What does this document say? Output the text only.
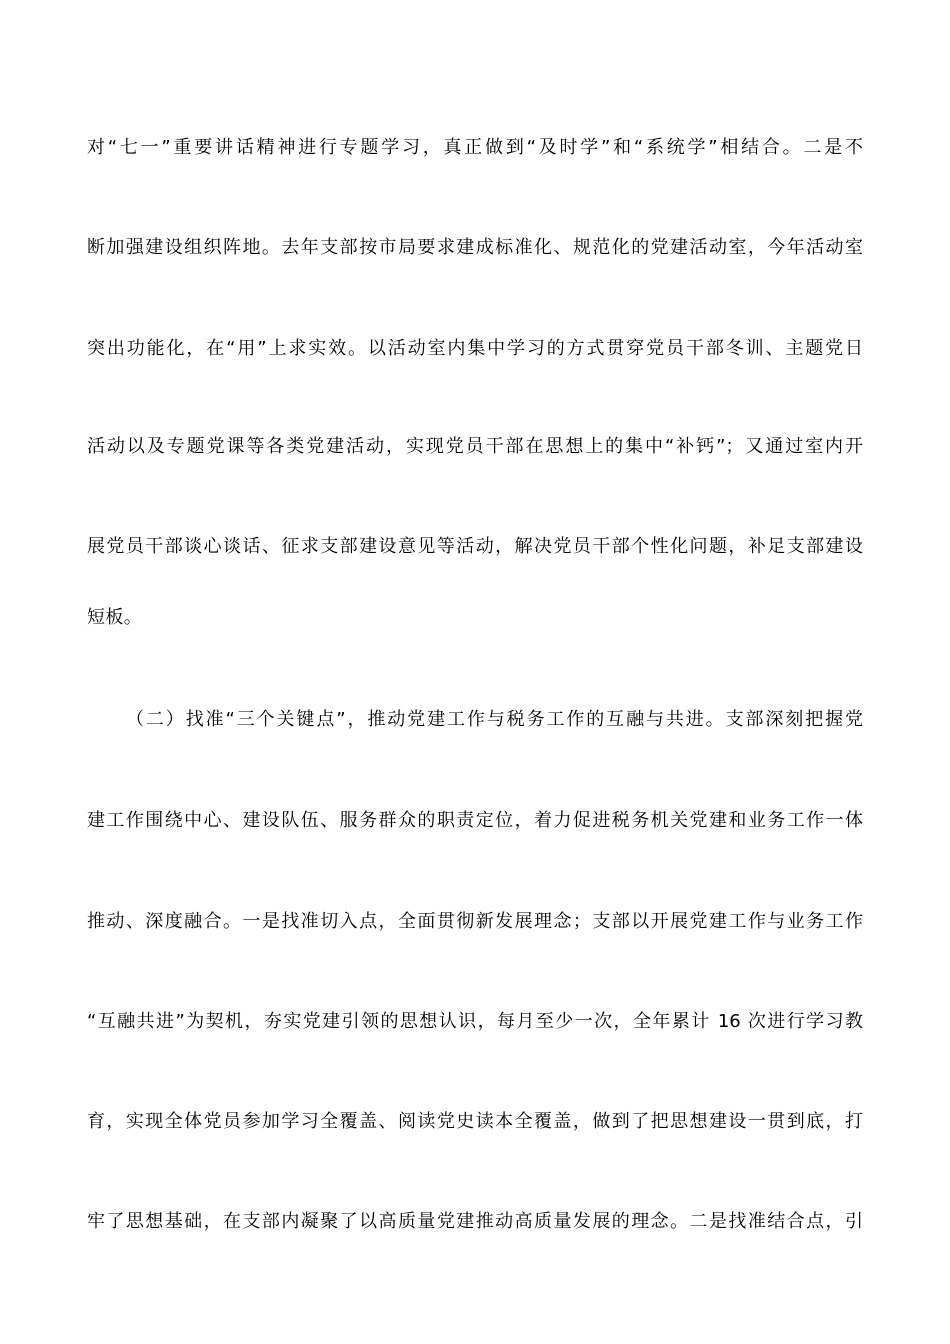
对“七一”重要讲话精神进行专题学习，真正做到“及时学”和“系统学”相结合。二是不
断加强建设组织阵地。去年支部按市局要求建成标准化、规范化的党建活动室，今年活动室
突出功能化，在“用”上求实效。以活动室内集中学习的方式贯穿党员干部冬训、主题党日
活动以及专题党课等各类党建活动，实现党员干部在思想上的集中“补钙”；又通过室内开
展党员干部谈心谈话、征求支部建设意见等活动，解决党员干部个性化问题，补足支部建设
短板。
（二）找准“三个关键点”，推动党建工作与税务工作的互融与共进。支部深刻把握党
建工作围绕中心、建设队伍、服务群众的职责定位，着力促进税务机关党建和业务工作一体
推动、深度融合。一是找准切入点，全面贯彻新发展理念；支部以开展党建工作与业务工作
“互融共进”为契机，夯实党建引领的思想认识，每月至少一次，全年累计 16 次进行学习教
育，实现全体党员参加学习全覆盖、阅读党史读本全覆盖，做到了把思想建设一贯到底，打
牢了思想基础，在支部内凝聚了以高质量党建推动高质量发展的理念。二是找准结合点，引
